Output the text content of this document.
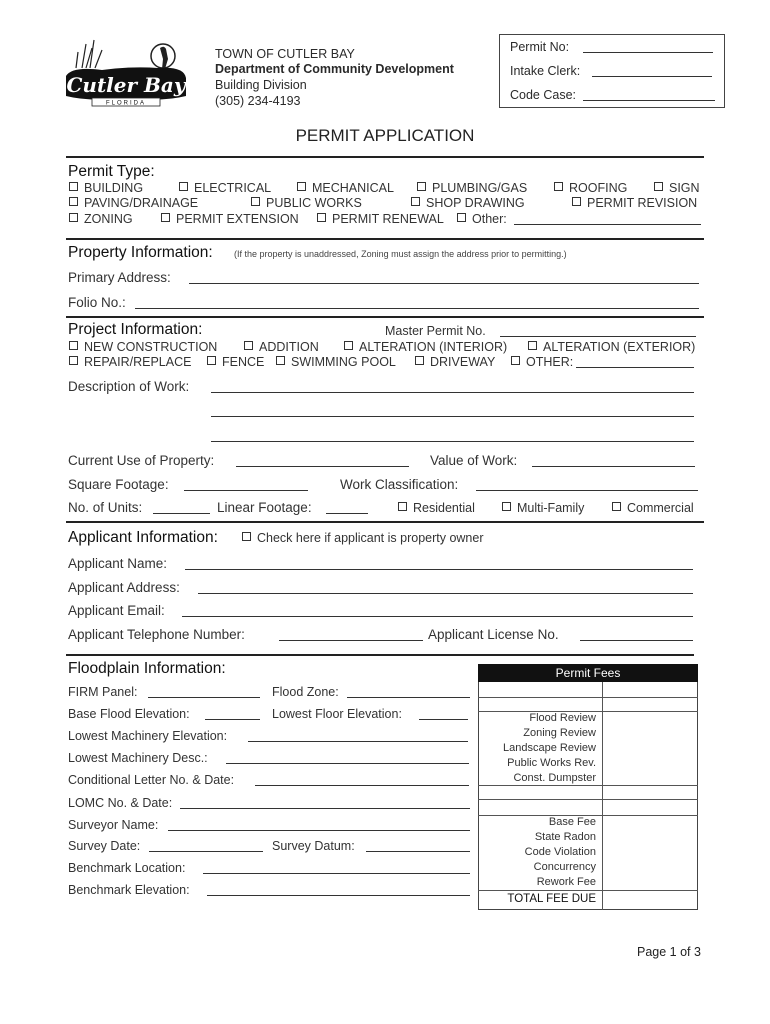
Cutler Bay
FLORIDA
TOWN OF CUTLER BAY
Department of Community Development
Building Division
(305) 234-4193
Permit No:
Intake Clerk:
Code Case:
PERMIT APPLICATION
Permit Type:
BUILDING	ELECTRICAL	MECHANICAL	PLUMBING/GAS	ROOFING	SIGN
PAVING/DRAINAGE	PUBLIC WORKS	SHOP DRAWING	PERMIT REVISION
ZONING	PERMIT EXTENSION	PERMIT RENEWAL	Other:
Property Information: (If the property is unaddressed, Zoning must assign the address prior to permitting.)
Primary Address:
Folio No.:
Project Information:	Master Permit No.
NEW CONSTRUCTION	ADDITION	ALTERATION (INTERIOR)	ALTERATION (EXTERIOR)
REPAIR/REPLACE	FENCE	SWIMMING POOL	DRIVEWAY	OTHER:
Description of Work:
Current Use of Property:	Value of Work:
Square Footage:	Work Classification:
No. of Units:	Linear Footage:	Residential	Multi-Family	Commercial
Applicant Information:	Check here if applicant is property owner
Applicant Name:
Applicant Address:
Applicant Email:
Applicant Telephone Number:	Applicant License No.
Floodplain Information:
FIRM Panel:	Flood Zone:
Base Flood Elevation:	Lowest Floor Elevation:
Lowest Machinery Elevation:
Lowest Machinery Desc.:
Conditional Letter No. & Date:
LOMC No. & Date:
Surveyor Name:
Survey Date:	Survey Datum:
Benchmark Location:
Benchmark Elevation:
Permit Fees
Flood Review
Zoning Review
Landscape Review
Public Works Rev.
Const. Dumpster
Base Fee
State Radon
Code Violation
Concurrency
Rework Fee
TOTAL FEE DUE
Page 1 of 3
